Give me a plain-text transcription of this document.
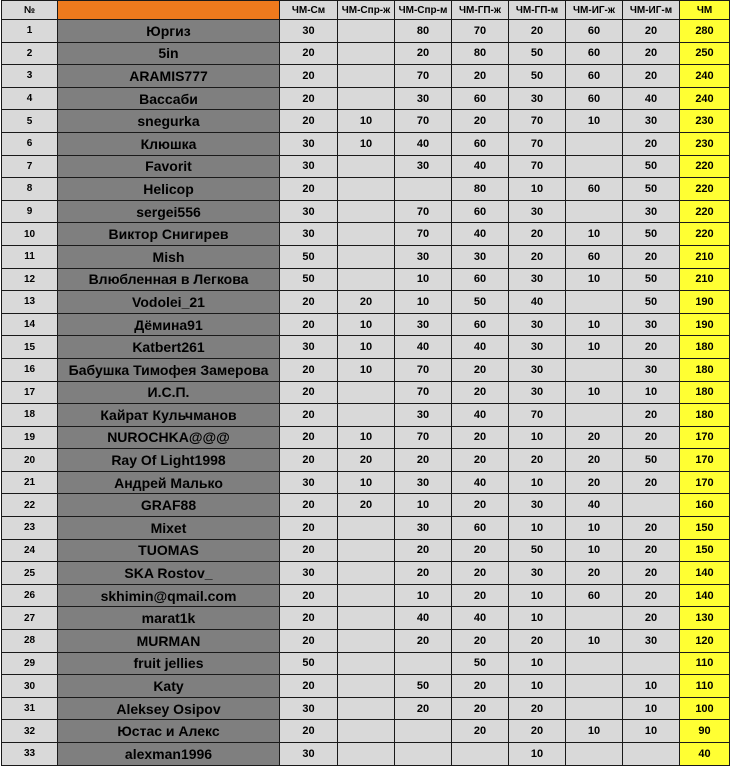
№		ЧМ-См	ЧМ-Спр-ж	ЧМ-Спр-м	ЧМ-ГП-ж	ЧМ-ГП-м	ЧМ-ИГ-ж	ЧМ-ИГ-м	ЧМ
1	Юргиз	30		80	70	20	60	20	280
2	5in	20		20	80	50	60	20	250
3	ARAMIS777	20		70	20	50	60	20	240
4	Вассаби	20		30	60	30	60	40	240
5	snegurka	20	10	70	20	70	10	30	230
6	Клюшка	30	10	40	60	70		20	230
7	Favorit	30		30	40	70		50	220
8	Helicop	20			80	10	60	50	220
9	sergei556	30		70	60	30		30	220
10	Виктор Снигирев	30		70	40	20	10	50	220
11	Mish	50		30	30	20	60	20	210
12	Влюбленная в Легкова	50		10	60	30	10	50	210
13	Vodolei_21	20	20	10	50	40		50	190
14	Дёмина91	20	10	30	60	30	10	30	190
15	Katbert261	30	10	40	40	30	10	20	180
16	Бабушка Тимофея Замерова	20	10	70	20	30		30	180
17	И.С.П.	20		70	20	30	10	10	180
18	Кайрат Кульчманов	20		30	40	70		20	180
19	NUROCHKA@@@	20	10	70	20	10	20	20	170
20	Ray Of Light1998	20	20	20	20	20	20	50	170
21	Андрей Малько	30	10	30	40	10	20	20	170
22	GRAF88	20	20	10	20	30	40		160
23	Mixet	20		30	60	10	10	20	150
24	TUOMAS	20		20	20	50	10	20	150
25	SKA Rostov_	30		20	20	30	20	20	140
26	skhimin@qmail.com	20		10	20	10	60	20	140
27	marat1k	20		40	40	10		20	130
28	MURMAN	20		20	20	20	10	30	120
29	fruit jellies	50			50	10			110
30	Katy	20		50	20	10		10	110
31	Aleksey Osipov	30		20	20	20		10	100
32	Юстас и Алекс	20			20	20	10	10	90
33	alexman1996	30				10			40
